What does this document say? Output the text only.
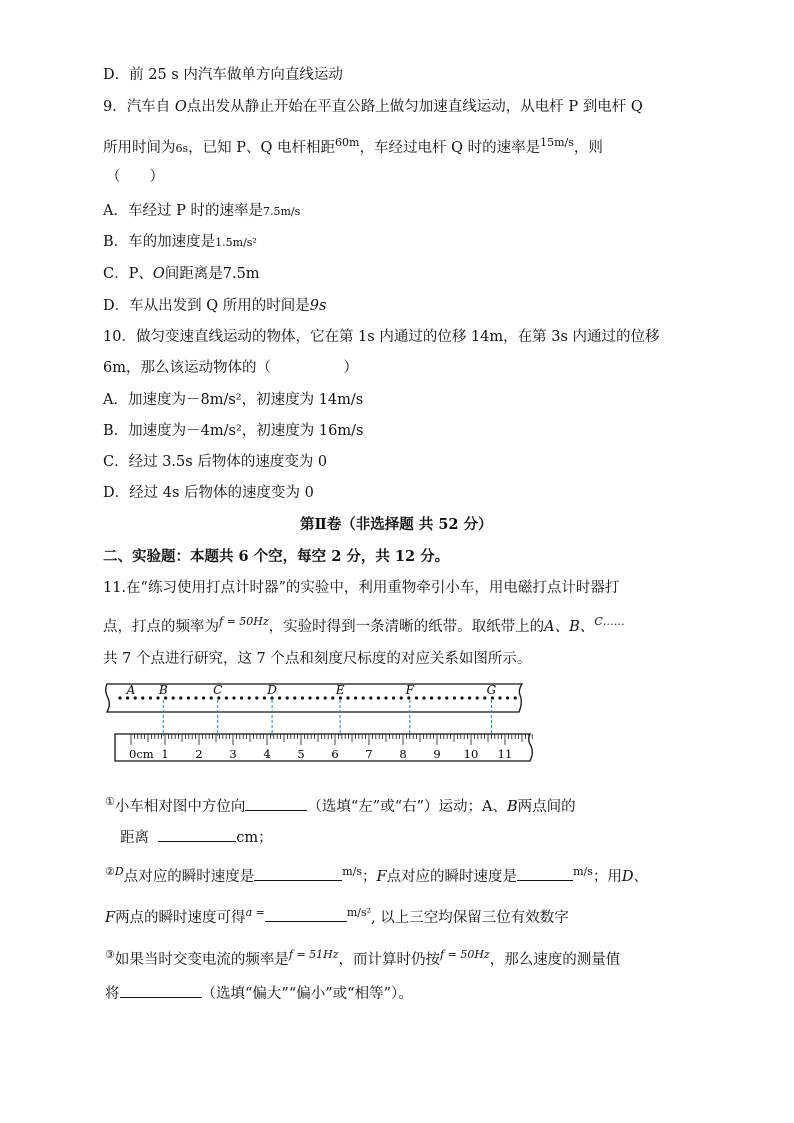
D．前 25 s 内汽车做单方向直线运动
9．汽车自 O点出发从静止开始在平直公路上做匀加速直线运动，从电杆 P 到电杆 Q
所用时间为6s，已知 P、Q 电杆相距$^{60m}$，车经过电杆 Q 时的速率是$^{15m/s}$，则
（　　）
A．车经过 P 时的速率是7.5m/s
B．车的加速度是1.5m/s²
C．P、O间距离是7.5m
D．车从出发到 Q 所用的时间是9s
10．做匀变速直线运动的物体，它在第 1s 内通过的位移 14m，在第 3s 内通过的位移
6m，那么该运动物体的（　　　　　）
A．加速度为－8m/s²，初速度为 14m/s
B．加速度为－4m/s²，初速度为 16m/s
C．经过 3.5s 后物体的速度变为 0
D．经过 4s 后物体的速度变为 0
第Ⅱ卷（非选择题 共 52 分）
二、实验题：本题共 6 个空，每空 2 分，共 12 分。
11.在“练习使用打点计时器”的实验中，利用重物牵引小车，用电磁打点计时器打
点，打点的频率为$^{f = 50Hz}$，实验时得到一条清晰的纸带。取纸带上的A、B、$^{C\dots\dots}$
共 7 个点进行研究，这 7 个点和刻度尺标度的对应关系如图所示。
A B	C	D	E	F	G
0cm 1 2 3 4 5 6 7 8 9 10 11
①小车相对图中方位向	（选填“左”或“右”）运动；A、B两点间的
距离	cm；
$^{②D}$点对应的瞬时速度是	$^{m/s}$；F点对应的瞬时速度是	$^{m/s}$；用D、
F两点的瞬时速度可得$^{a =}$	$^{m/s^2}$, 以上三空均保留三位有效数字
③如果当时交变电流的频率是$^{f = 51Hz}$，而计算时仍按$^{f = 50Hz}$，那么速度的测量值
将	（选填“偏大”“偏小”或“相等”）。
